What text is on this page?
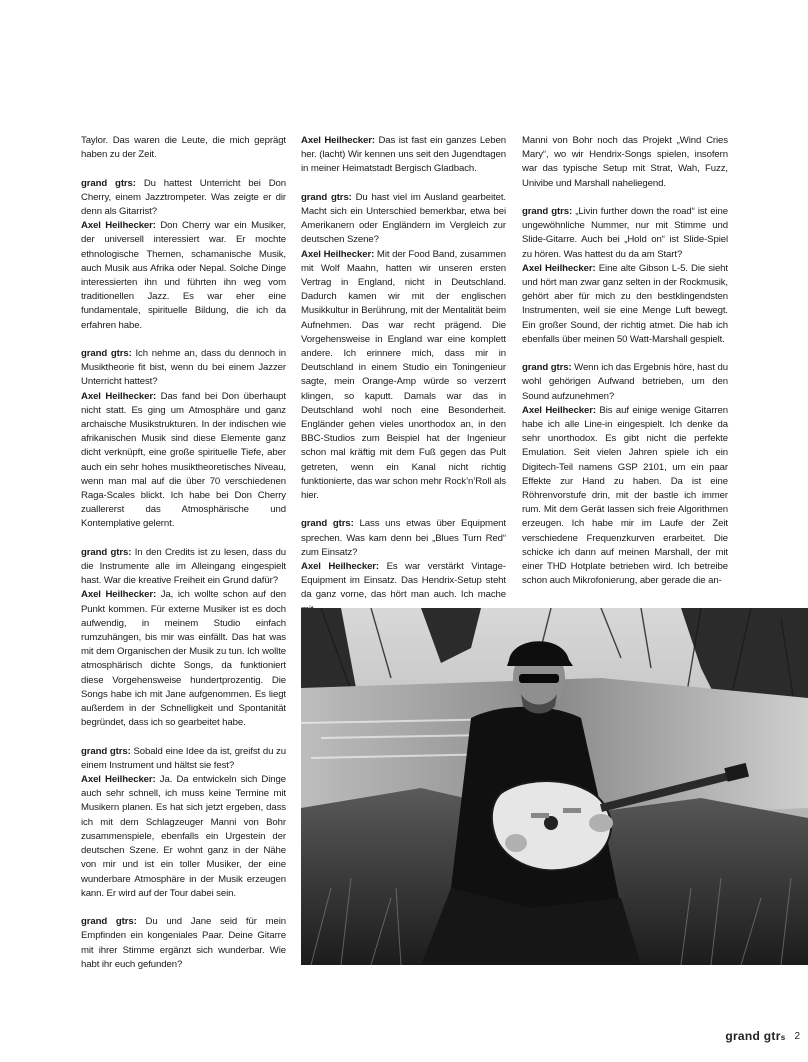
Taylor. Das waren die Leute, die mich geprägt haben zu der Zeit.

grand gtrs: Du hattest Unterricht bei Don Cherry, einem Jazztrompeter. Was zeigte er dir denn als Gitarrist?
Axel Heilhecker: Don Cherry war ein Musiker, der universell interessiert war. Er mochte ethnologische Themen, schamanische Musik, auch Musik aus Afrika oder Nepal. Solche Dinge interessierten ihn und führten ihn weg vom traditionellen Jazz. Es war eher eine fundamentale, spirituelle Bildung, die ich da erfahren habe.

grand gtrs: Ich nehme an, dass du dennoch in Musiktheorie fit bist, wenn du bei einem Jazzer Unterricht hattest?
Axel Heilhecker: Das fand bei Don überhaupt nicht statt. Es ging um Atmosphäre und ganz archaische Musikstrukturen. In der indischen wie afrikanischen Musik sind diese Elemente ganz dicht verknüpft, eine große spirituelle Tiefe, aber auch ein sehr hohes musiktheoretisches Niveau, wenn man mal auf die über 70 verschiedenen Raga-Scales blickt. Ich habe bei Don Cherry zuallererst das Atmosphärische und Kontemplative gelernt.

grand gtrs: In den Credits ist zu lesen, dass du die Instrumente alle im Alleingang eingespielt hast. War die kreative Freiheit ein Grund dafür?
Axel Heilhecker: Ja, ich wollte schon auf den Punkt kommen. Für externe Musiker ist es doch aufwendig, in meinem Studio einfach rumzuhängen, bis mir was einfällt. Das hat was mit dem Organischen der Musik zu tun. Ich wollte atmosphärisch dichte Songs, da funktioniert diese Vorgehensweise hundertprozentig. Die Songs habe ich mit Jane aufgenommen. Es liegt außerdem in der Schnelligkeit und Spontanität begründet, dass ich so gearbeitet habe.

grand gtrs: Sobald eine Idee da ist, greifst du zu einem Instrument und hältst sie fest?
Axel Heilhecker: Ja. Da entwickeln sich Dinge auch sehr schnell, ich muss keine Termine mit Musikern planen. Es hat sich jetzt ergeben, dass ich mit dem Schlagzeuger Manni von Bohr zusammenspiele, ebenfalls ein Urgestein der deutschen Szene. Er wohnt ganz in der Nähe von mir und ist ein toller Musiker, der eine wunderbare Atmosphäre in der Musik erzeugen kann. Er wird auf der Tour dabei sein.

grand gtrs: Du und Jane seid für mein Empfinden ein kongeniales Paar. Deine Gitarre mit ihrer Stimme ergänzt sich wunderbar. Wie habt ihr euch gefunden?

Axel Heilhecker: Das ist fast ein ganzes Leben her. (lacht) Wir kennen uns seit den Jugendtagen in meiner Heimatstadt Bergisch Gladbach.

grand gtrs: Du hast viel im Ausland gearbeitet. Macht sich ein Unterschied bemerkbar, etwa bei Amerikanern oder Engländern im Vergleich zur deutschen Szene?
Axel Heilhecker: Mit der Food Band, zusammen mit Wolf Maahn, hatten wir unseren ersten Vertrag in England, nicht in Deutschland. Dadurch kamen wir mit der englischen Musikkultur in Berührung, mit der Mentalität beim Aufnehmen. Das war recht prägend. Die Vorgehensweise in England war eine komplett andere. Ich erinnere mich, dass mir in Deutschland in einem Studio ein Toningenieur sagte, mein Orange-Amp würde so verzerrt klingen, so kaputt. Damals war das in Deutschland wohl noch eine Besonderheit. Engländer gehen vieles unorthodox an, in den BBC-Studios zum Beispiel hat der Ingenieur schon mal kräftig mit dem Fuß gegen das Pult getreten, wenn ein Kanal nicht richtig funktionierte, das war schon mehr Rock’n’Roll als hier.

grand gtrs: Lass uns etwas über Equipment sprechen. Was kam denn bei „Blues Turn Red“ zum Einsatz?
Axel Heilhecker: Es war verstärkt Vintage-Equipment im Einsatz. Das Hendrix-Setup steht da ganz vorne, das hört man auch. Ich mache

Manni von Bohr noch das Projekt „Wind Cries Mary“, wo wir Hendrix-Songs spielen, insofern war das typische Setup mit Strat, Wah, Fuzz, Univibe und Marshall naheliegend.

grand gtrs: „Livin further down the road“ ist eine ungewöhnliche Nummer, nur mit Stimme und Slide-Gitarre. Auch bei „Hold on“ ist Slide-Spiel zu hören. Was hattest du da am Start?
Axel Heilhecker: Eine alte Gibson L-5. Die sieht und hört man zwar ganz selten in der Rockmusik, gehört aber für mich zu den bestklingendsten Instrumenten, weil sie eine Menge Luft bewegt. Ein großer Sound, der richtig atmet. Die hab ich ebenfalls über meinen 50 Watt-Marshall gespielt.

grand gtrs: Wenn ich das Ergebnis höre, hast du wohl gehörigen Aufwand betrieben, um den Sound aufzunehmen?
Axel Heilhecker: Bis auf einige wenige Gitarren habe ich alle Line-in eingespielt. Ich denke da sehr unorthodox. Es gibt nicht die perfekte Emulation. Seit vielen Jahren spiele ich ein Digitech-Teil namens GSP 2101, um ein paar Effekte zur Hand zu haben. Da ist eine Röhrenvorstufe drin, mit der bastle ich immer rum. Mit dem Gerät lassen sich freie Algorithmen erzeugen. Ich habe mir im Laufe der Zeit verschiedene Frequenzkurven erarbeitet. Die schicke ich dann auf meinen Marshall, der mit einer THD Hotplate betrieben wird. Ich betreibe schon auch Mikrofonierung, aber gerade die an-

grand gtrs 2
